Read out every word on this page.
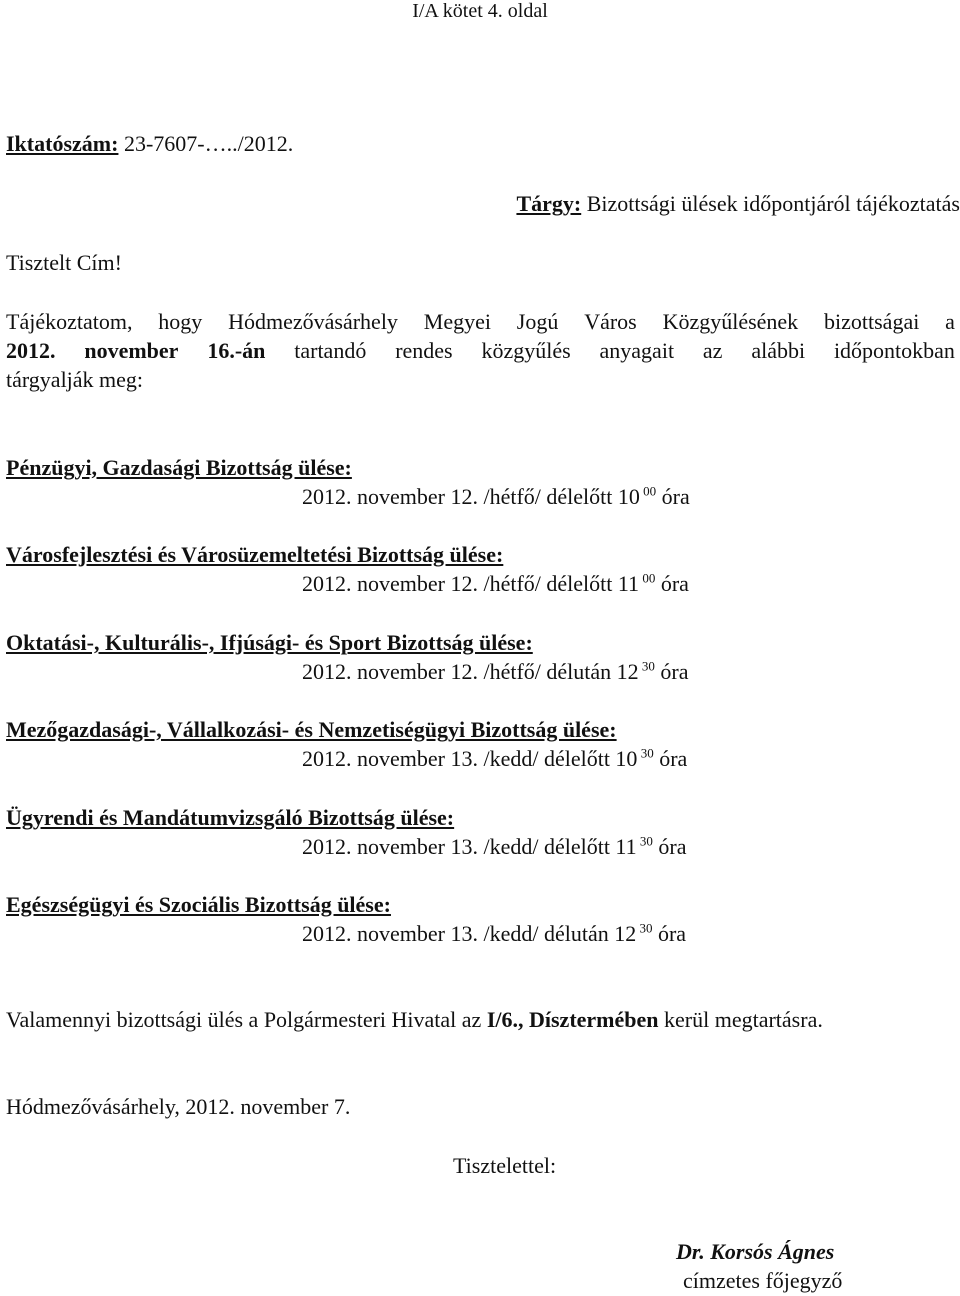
I/A kötet 4. oldal
Iktatószám: 23-7607-…../2012.
Tárgy: Bizottsági ülések időpontjáról tájékoztatás
Tisztelt Cím!
Tájékoztatom, hogy Hódmezővásárhely Megyei Jogú Város Közgyűlésének bizottságai a
2012. november 16.-án tartandó rendes közgyűlés anyagait az alábbi időpontokban
tárgyalják meg:
Pénzügyi, Gazdasági Bizottság ülése:
2012. november 12. /hétfő/ délelőtt 10 $^{00}$ óra
Városfejlesztési és Városüzemeltetési Bizottság ülése:
2012. november 12. /hétfő/ délelőtt 11 $^{00}$ óra
Oktatási-, Kulturális-, Ifjúsági- és Sport Bizottság ülése:
2012. november 12. /hétfő/ délután 12 $^{30}$ óra
Mezőgazdasági-, Vállalkozási- és Nemzetiségügyi Bizottság ülése:
2012. november 13. /kedd/ délelőtt 10 $^{30}$ óra
Ügyrendi és Mandátumvizsgáló Bizottság ülése:
2012. november 13. /kedd/ délelőtt 11 $^{30}$ óra
Egészségügyi és Szociális Bizottság ülése:
2012. november 13. /kedd/ délután 12 $^{30}$ óra
Valamennyi bizottsági ülés a Polgármesteri Hivatal az I/6., Dísztermében kerül megtartásra.
Hódmezővásárhely, 2012. november 7.
Tisztelettel:
Dr. Korsós Ágnes
címzetes főjegyző
